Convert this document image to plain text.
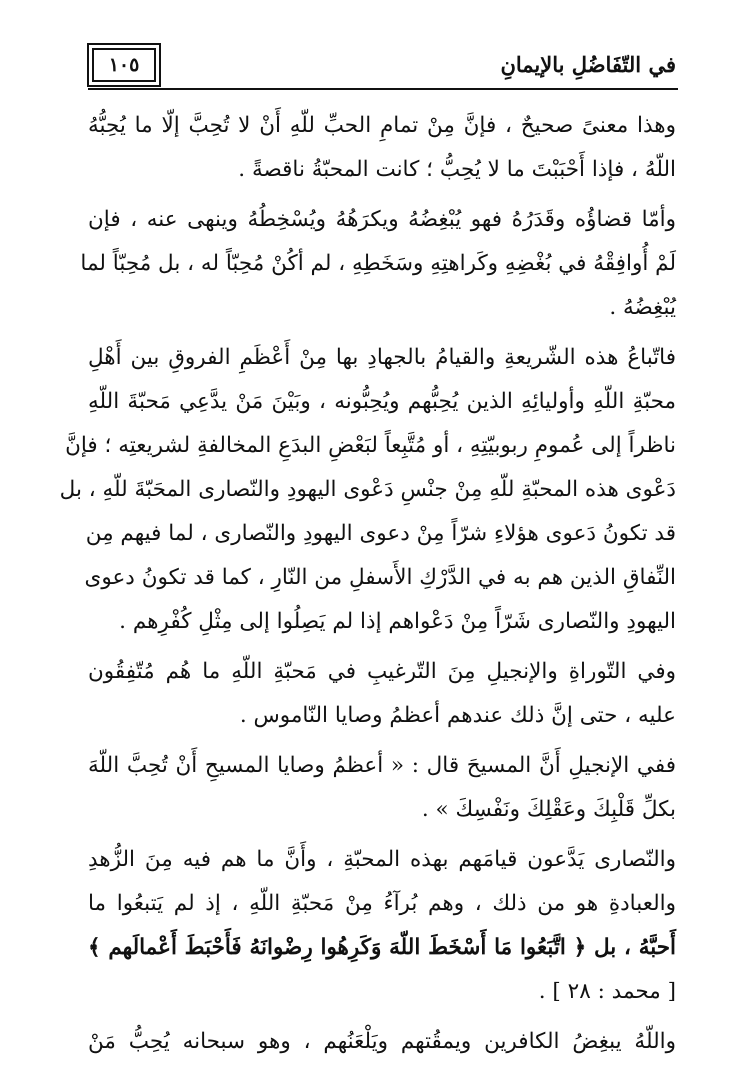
١٠٥	في التّفَاضُلِ بالإيمانِ
وهذا معنىً صحيحٌ ، فإنَّ مِنْ تمامِ الحبِّ للّهِ أَنْ لا تُحِبَّ إلّا ما يُحِبُّهُ
اللّهُ ، فإذا أَحْبَبْتَ ما لا يُحِبُّ ؛ كانت المحبّةُ ناقصةً .
وأمّا قضاؤُه وقَدَرُهُ فهو يُبْغِضُهُ ويكرَهُهُ ويُسْخِطُهُ وينهى عنه ، فإن
لَمْ أُوافِقْهُ في بُغْضِهِ وكَراهتِهِ وسَخَطِهِ ، لم أكُنْ مُحِبّاً له ، بل مُحِبّاً لما
يُبْغِضُهُ .
فاتّباعُ هذه الشّريعةِ والقيامُ بالجهادِ بها مِنْ أَعْظَمِ الفروقِ بين أَهْلِ
محبّةِ اللّهِ وأوليائِهِ الذين يُحِبُّهم ويُحِبُّونه ، وبَيْنَ مَنْ يدَّعِي مَحبّةَ اللّهِ
ناظراً إلى عُمومِ ربوبيّتِهِ ، أو مُتَّبِعاً لبَعْضِ البدَعِ المخالفةِ لشريعتِه ؛ فإنَّ
دَعْوى هذه المحبّةِ للّهِ مِنْ جنْسِ دَعْوى اليهودِ والنّصارى المحَبّةَ للّهِ ، بل
قد تكونُ دَعوى هؤلاءِ شرّاً مِنْ دعوى اليهودِ والنّصارى ، لما فيهم مِن
النِّفاقِ الذين هم به في الدَّرْكِ الأَسفلِ من النّارِ ، كما قد تكونُ دعوى
اليهودِ والنّصارى شَرّاً مِنْ دَعْواهم إذا لم يَصِلُوا إلى مِثْلِ كُفْرِهم .
وفي التّوراةِ والإنجيلِ مِنَ التّرغيبِ في مَحبّةِ اللّهِ ما هُم مُتّفِقُون
عليه ، حتى إنَّ ذلك عندهم أعظمُ وصايا النّاموس .
ففي الإنجيلِ أَنَّ المسيحَ قال : « أعظمُ وصايا المسيحِ أَنْ تُحِبَّ اللّهَ
بكلِّ قَلْبِكَ وعَقْلِكَ ونَفْسِكَ » .
والنّصارى يَدَّعون قيامَهم بهذه المحبّةِ ، وأَنَّ ما هم فيه مِنَ الزُّهدِ
والعبادةِ هو من ذلك ، وهم بُرآءُ مِنْ مَحبّةِ اللّهِ ، إذ لم يَتبعُوا ما
أَحبَّهُ ، بل ﴿ اتَّبَعُوا مَا أَسْخَطَ اللّهَ وَكَرِهُوا رِضْوانَهُ فَأَحْبَطَ أَعْمالَهم ﴾
[ محمد : ٢٨ ] .
واللّهُ يبغِضُ الكافرين ويمقُتهم ويَلْعَنُهم ، وهو سبحانه يُحِبُّ مَنْ
